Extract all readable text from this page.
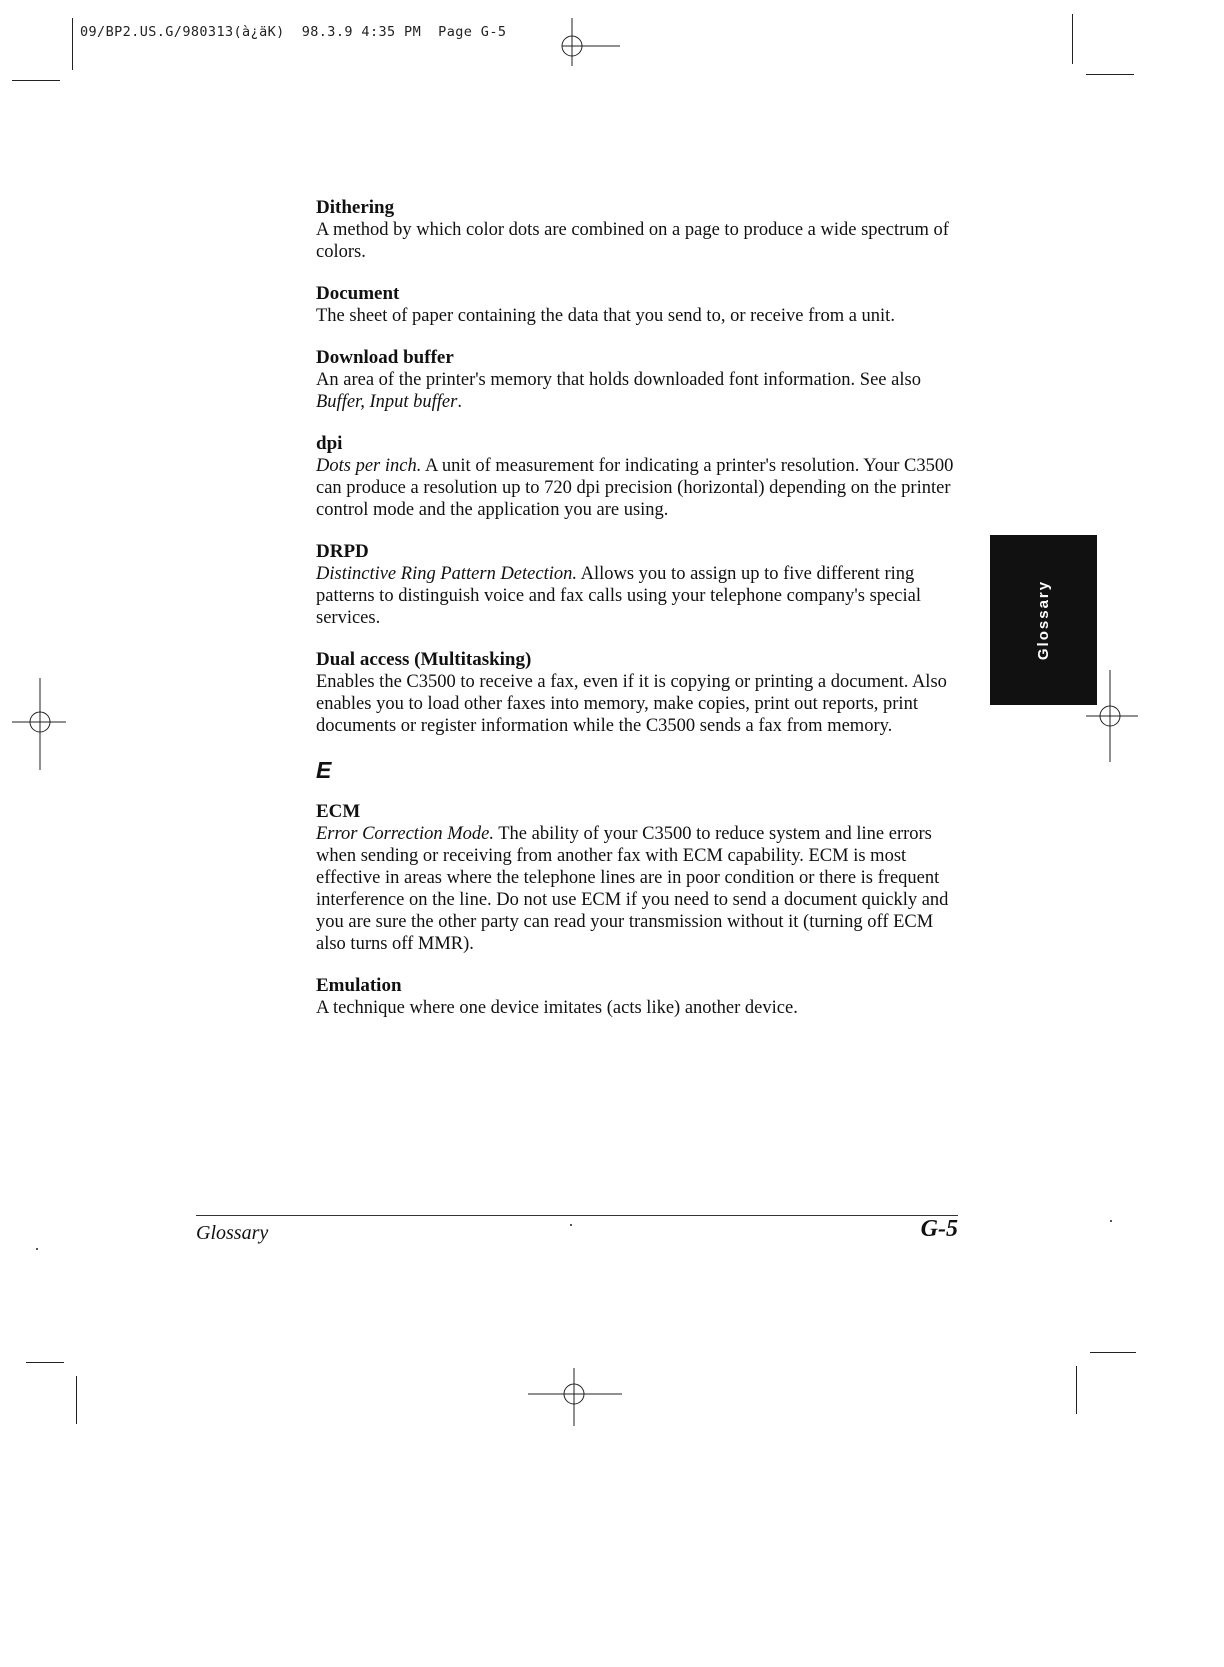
09/BP2.US.G/980313(à¿äK)  98.3.9 4:35 PM  Page G-5
Glossary

Dithering

A method by which color dots are combined on a page to produce a wide spectrum of colors.

Document

The sheet of paper containing the data that you send to, or receive from a unit.

Download buffer

An area of the printer's memory that holds downloaded font information. See also Buffer, Input buffer.

dpi

Dots per inch. A unit of measurement for indicating a printer's resolution. Your C3500 can produce a resolution up to 720 dpi precision (horizontal) depending on the printer control mode and the application you are using.

DRPD

Distinctive Ring Pattern Detection. Allows you to assign up to five different ring patterns to distinguish voice and fax calls using your telephone company's special services.

Dual access (Multitasking)

Enables the C3500 to receive a fax, even if it is copying or printing a document. Also enables you to load other faxes into memory, make copies, print out reports, print documents or register information while the C3500 sends a fax from memory.

E

ECM

Error Correction Mode. The ability of your C3500 to reduce system and line errors when sending or receiving from another fax with ECM capability. ECM is most effective in areas where the telephone lines are in poor condition or there is frequent interference on the line. Do not use ECM if you need to send a document quickly and you are sure the other party can read your transmission without it (turning off ECM also turns off MMR).

Emulation

A technique where one device imitates (acts like) another device.

Glossary	G-5
